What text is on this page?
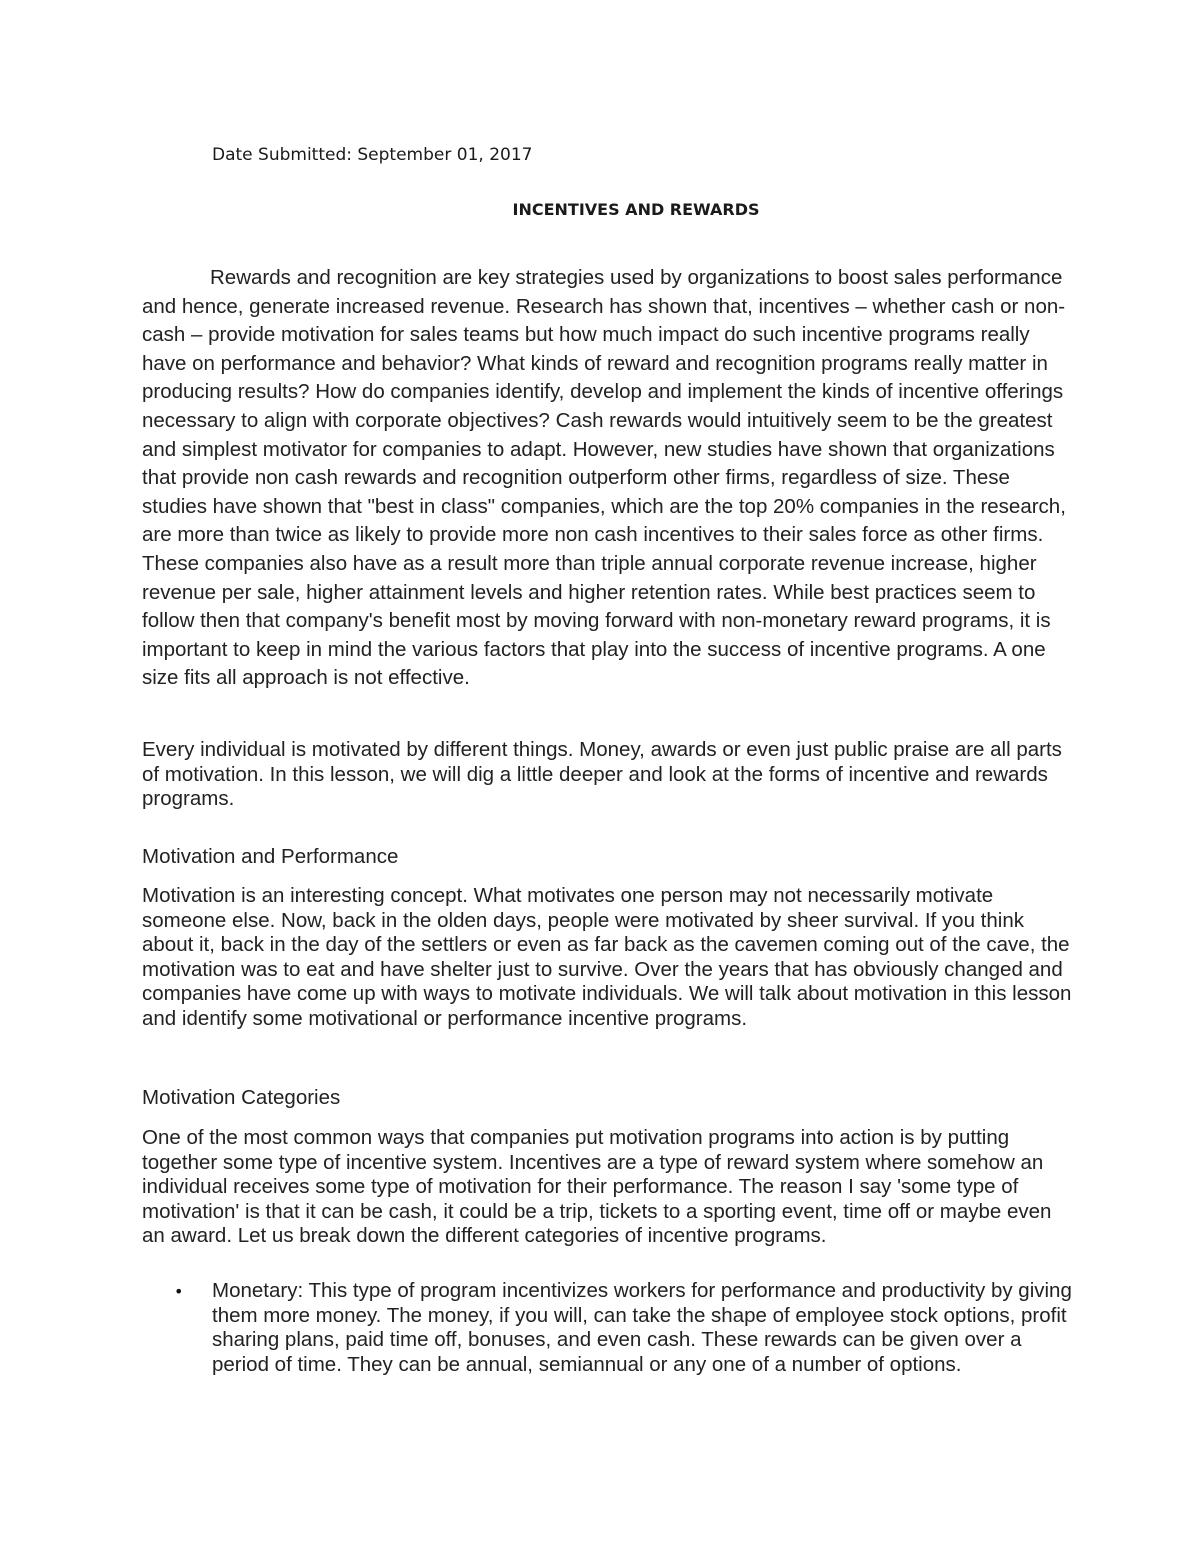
Date Submitted: September 01, 2017
INCENTIVES AND REWARDS

Rewards and recognition are key strategies used by organizations to boost sales performance and hence, generate increased revenue. Research has shown that, incentives – whether cash or non-cash – provide motivation for sales teams but how much impact do such incentive programs really have on performance and behavior? What kinds of reward and recognition programs really matter in producing results? How do companies identify, develop and implement the kinds of incentive offerings necessary to align with corporate objectives? Cash rewards would intuitively seem to be the greatest and simplest motivator for companies to adapt. However, new studies have shown that organizations that provide non cash rewards and recognition outperform other firms, regardless of size. These studies have shown that "best in class" companies, which are the top 20% companies in the research, are more than twice as likely to provide more non cash incentives to their sales force as other firms. These companies also have as a result more than triple annual corporate revenue increase, higher revenue per sale, higher attainment levels and higher retention rates. While best practices seem to follow then that company's benefit most by moving forward with non-monetary reward programs, it is important to keep in mind the various factors that play into the success of incentive programs. A one size fits all approach is not effective.

Every individual is motivated by different things. Money, awards or even just public praise are all parts of motivation. In this lesson, we will dig a little deeper and look at the forms of incentive and rewards programs.

Motivation and Performance

Motivation is an interesting concept. What motivates one person may not necessarily motivate someone else. Now, back in the olden days, people were motivated by sheer survival. If you think about it, back in the day of the settlers or even as far back as the cavemen coming out of the cave, the motivation was to eat and have shelter just to survive. Over the years that has obviously changed and companies have come up with ways to motivate individuals. We will talk about motivation in this lesson and identify some motivational or performance incentive programs.

Motivation Categories

One of the most common ways that companies put motivation programs into action is by putting together some type of incentive system. Incentives are a type of reward system where somehow an individual receives some type of motivation for their performance. The reason I say 'some type of motivation' is that it can be cash, it could be a trip, tickets to a sporting event, time off or maybe even an award. Let us break down the different categories of incentive programs.

• Monetary: This type of program incentivizes workers for performance and productivity by giving them more money. The money, if you will, can take the shape of employee stock options, profit sharing plans, paid time off, bonuses, and even cash. These rewards can be given over a period of time. They can be annual, semiannual or any one of a number of options.
